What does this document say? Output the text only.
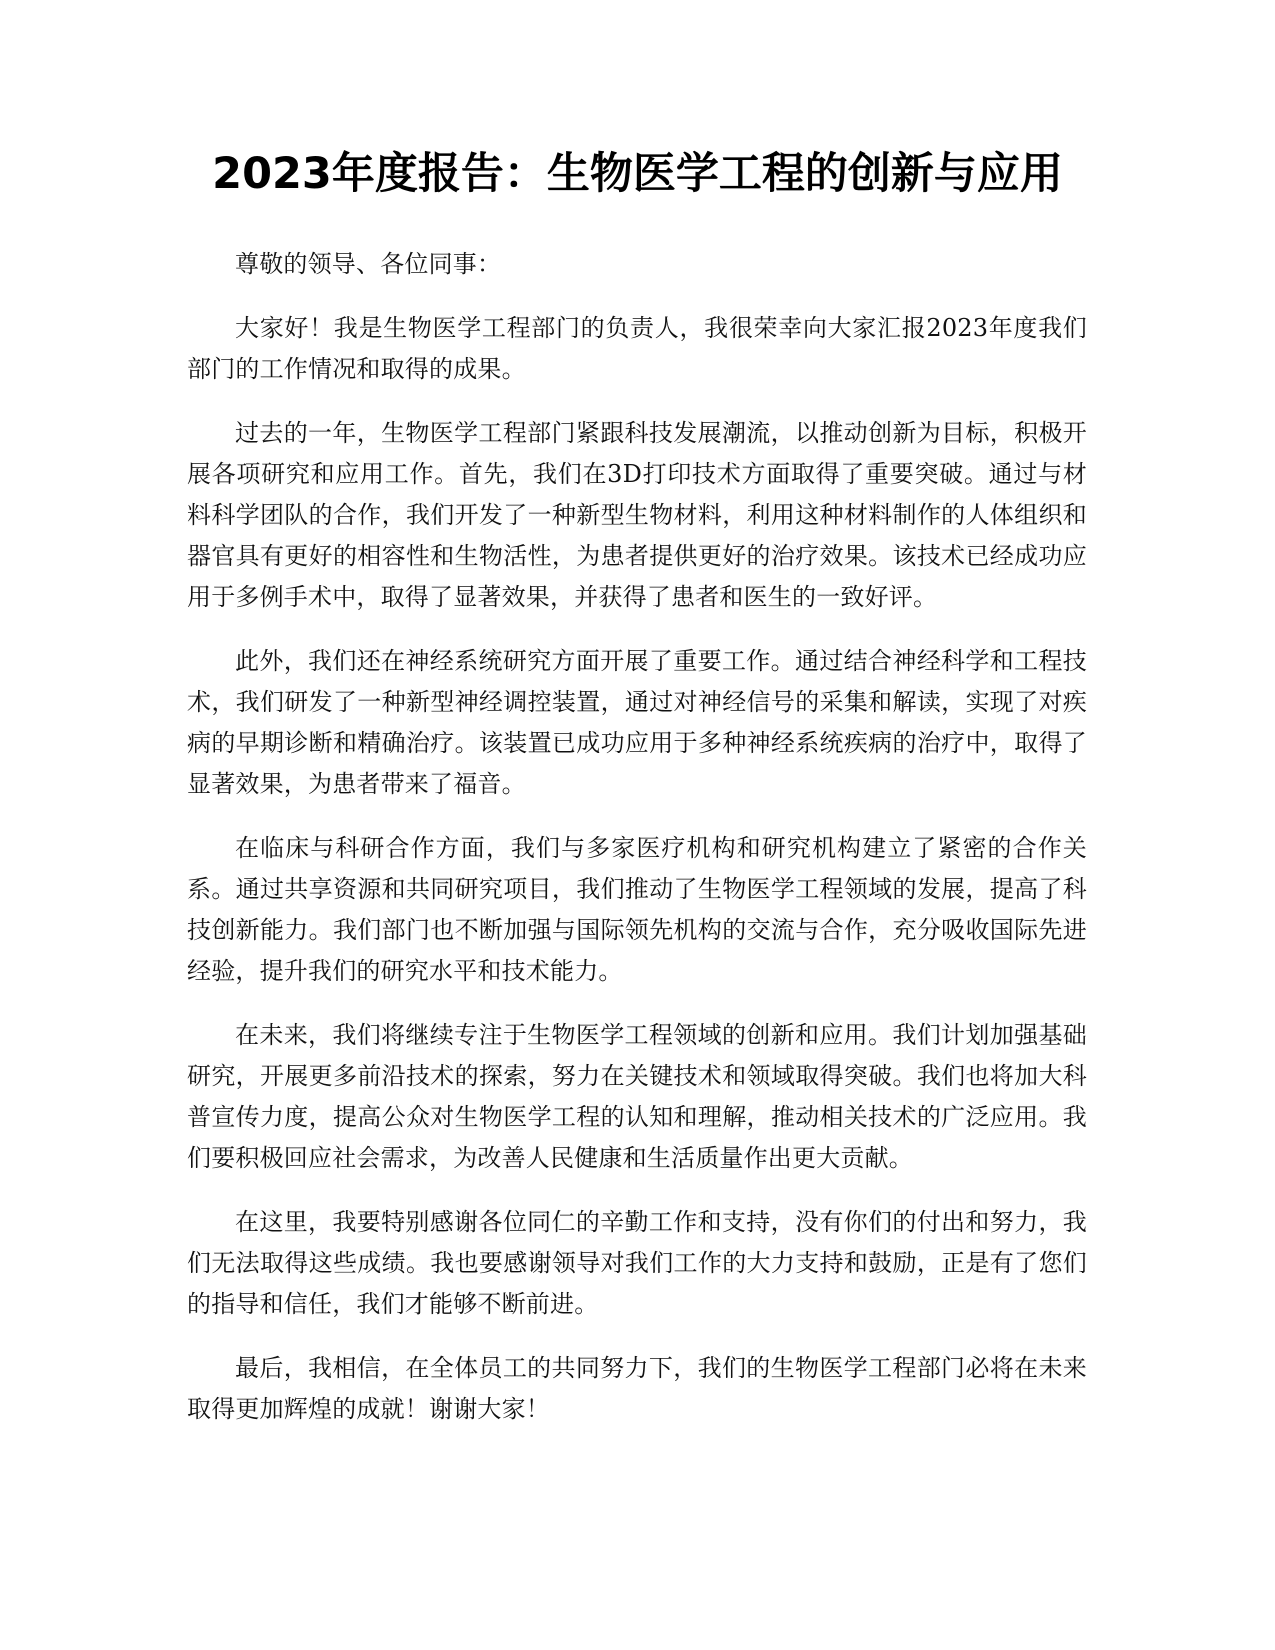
2023年度报告：生物医学工程的创新与应用

尊敬的领导、各位同事：

大家好！我是生物医学工程部门的负责人，我很荣幸向大家汇报2023年度我们部门的工作情况和取得的成果。

过去的一年，生物医学工程部门紧跟科技发展潮流，以推动创新为目标，积极开展各项研究和应用工作。首先，我们在3D打印技术方面取得了重要突破。通过与材料科学团队的合作，我们开发了一种新型生物材料，利用这种材料制作的人体组织和器官具有更好的相容性和生物活性，为患者提供更好的治疗效果。该技术已经成功应用于多例手术中，取得了显著效果，并获得了患者和医生的一致好评。

此外，我们还在神经系统研究方面开展了重要工作。通过结合神经科学和工程技术，我们研发了一种新型神经调控装置，通过对神经信号的采集和解读，实现了对疾病的早期诊断和精确治疗。该装置已成功应用于多种神经系统疾病的治疗中，取得了显著效果，为患者带来了福音。

在临床与科研合作方面，我们与多家医疗机构和研究机构建立了紧密的合作关系。通过共享资源和共同研究项目，我们推动了生物医学工程领域的发展，提高了科技创新能力。我们部门也不断加强与国际领先机构的交流与合作，充分吸收国际先进经验，提升我们的研究水平和技术能力。

在未来，我们将继续专注于生物医学工程领域的创新和应用。我们计划加强基础研究，开展更多前沿技术的探索，努力在关键技术和领域取得突破。我们也将加大科普宣传力度，提高公众对生物医学工程的认知和理解，推动相关技术的广泛应用。我们要积极回应社会需求，为改善人民健康和生活质量作出更大贡献。

在这里，我要特别感谢各位同仁的辛勤工作和支持，没有你们的付出和努力，我们无法取得这些成绩。我也要感谢领导对我们工作的大力支持和鼓励，正是有了您们的指导和信任，我们才能够不断前进。

最后，我相信，在全体员工的共同努力下，我们的生物医学工程部门必将在未来取得更加辉煌的成就！谢谢大家！
